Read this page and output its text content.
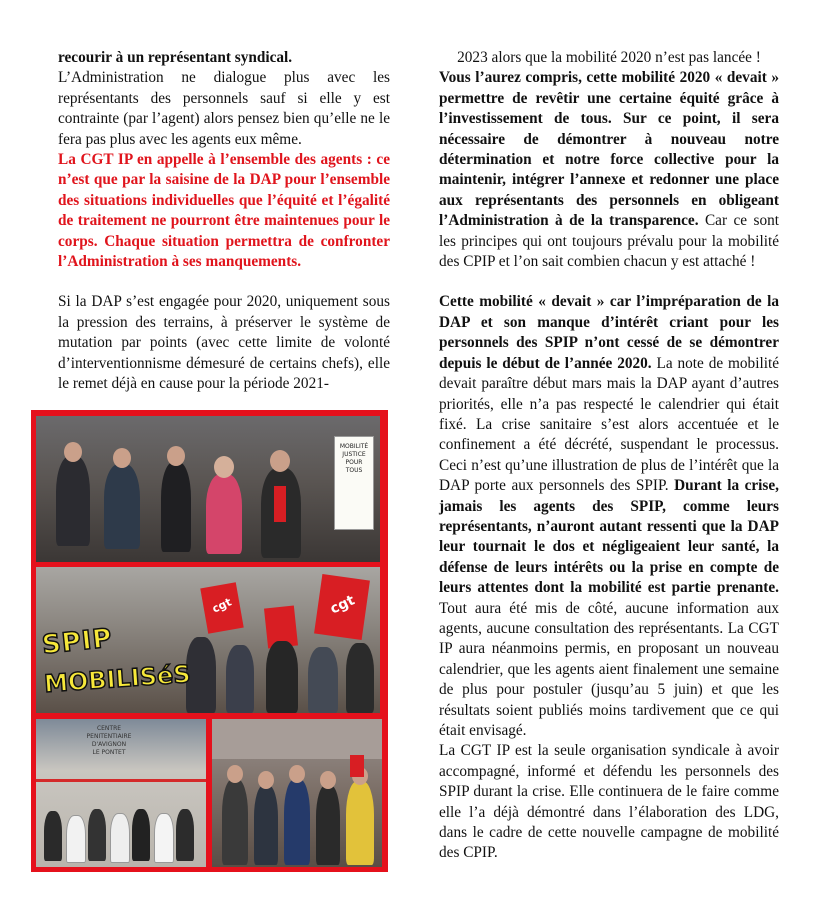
recourir à un représentant syndical.

L’Administration ne dialogue plus avec les représentants des personnels sauf si elle y est contrainte (par l’agent) alors pensez bien qu’elle ne le fera pas plus avec les agents eux même.

La CGT IP en appelle à l’ensemble des agents : ce n’est que par la saisine de la DAP pour l’ensemble des situations individuelles que l’équité et l’égalité de traitement ne pourront être maintenues pour le corps. Chaque situation permettra de confronter l’Administration à ses manquements.

Si la DAP s’est engagée pour 2020, uniquement sous la pression des terrains, à préserver le système de mutation par points (avec cette limite de volonté d’interventionnisme démesuré de certains chefs), elle le remet déjà en cause pour la période 2021-

MOBILITÉ
JUSTICE
POUR
TOUS
cgt	cgt
SPIP
MOBILISéS
CENTRE
PENITENTIAIRE
D'AVIGNON
LE PONTET

2023 alors que la mobilité 2020 n’est pas lancée !

Vous l’aurez compris, cette mobilité 2020 « devait » permettre de revêtir une certaine équité grâce à l’investissement de tous. Sur ce point, il sera nécessaire de démontrer à nouveau notre détermination et notre force collective pour la maintenir, intégrer l’annexe et redonner une place aux représentants des personnels en obligeant l’Administration à de la transparence. Car ce sont les principes qui ont toujours prévalu pour la mobilité des CPIP et l’on sait combien chacun y est attaché !

Cette mobilité « devait » car l’impréparation de la DAP et son manque d’intérêt criant pour les personnels des SPIP n’ont cessé de se démontrer depuis le début de l’année 2020. La note de mobilité devait paraître début mars mais la DAP ayant d’autres priorités, elle n’a pas respecté le calendrier qui était fixé. La crise sanitaire s’est alors accentuée et le confinement a été décrété, suspendant le processus. Ceci n’est qu’une illustration de plus de l’intérêt que la DAP porte aux personnels des SPIP. Durant la crise, jamais les agents des SPIP, comme leurs représentants, n’auront autant ressenti que la DAP leur tournait le dos et négligeaient leur santé, la défense de leurs intérêts ou la prise en compte de leurs attentes dont la mobilité est partie prenante. Tout aura été mis de côté, aucune information aux agents, aucune consultation des représentants. La CGT IP aura néanmoins permis, en proposant un nouveau calendrier, que les agents aient finalement une semaine de plus pour postuler (jusqu’au 5 juin) et que les résultats soient publiés moins tardivement que ce qui était envisagé.

La CGT IP est la seule organisation syndicale à avoir accompagné, informé et défendu les personnels des SPIP durant la crise. Elle continuera de le faire comme elle l’a déjà démontré dans l’élaboration des LDG, dans le cadre de cette nouvelle campagne de mobilité des CPIP.
